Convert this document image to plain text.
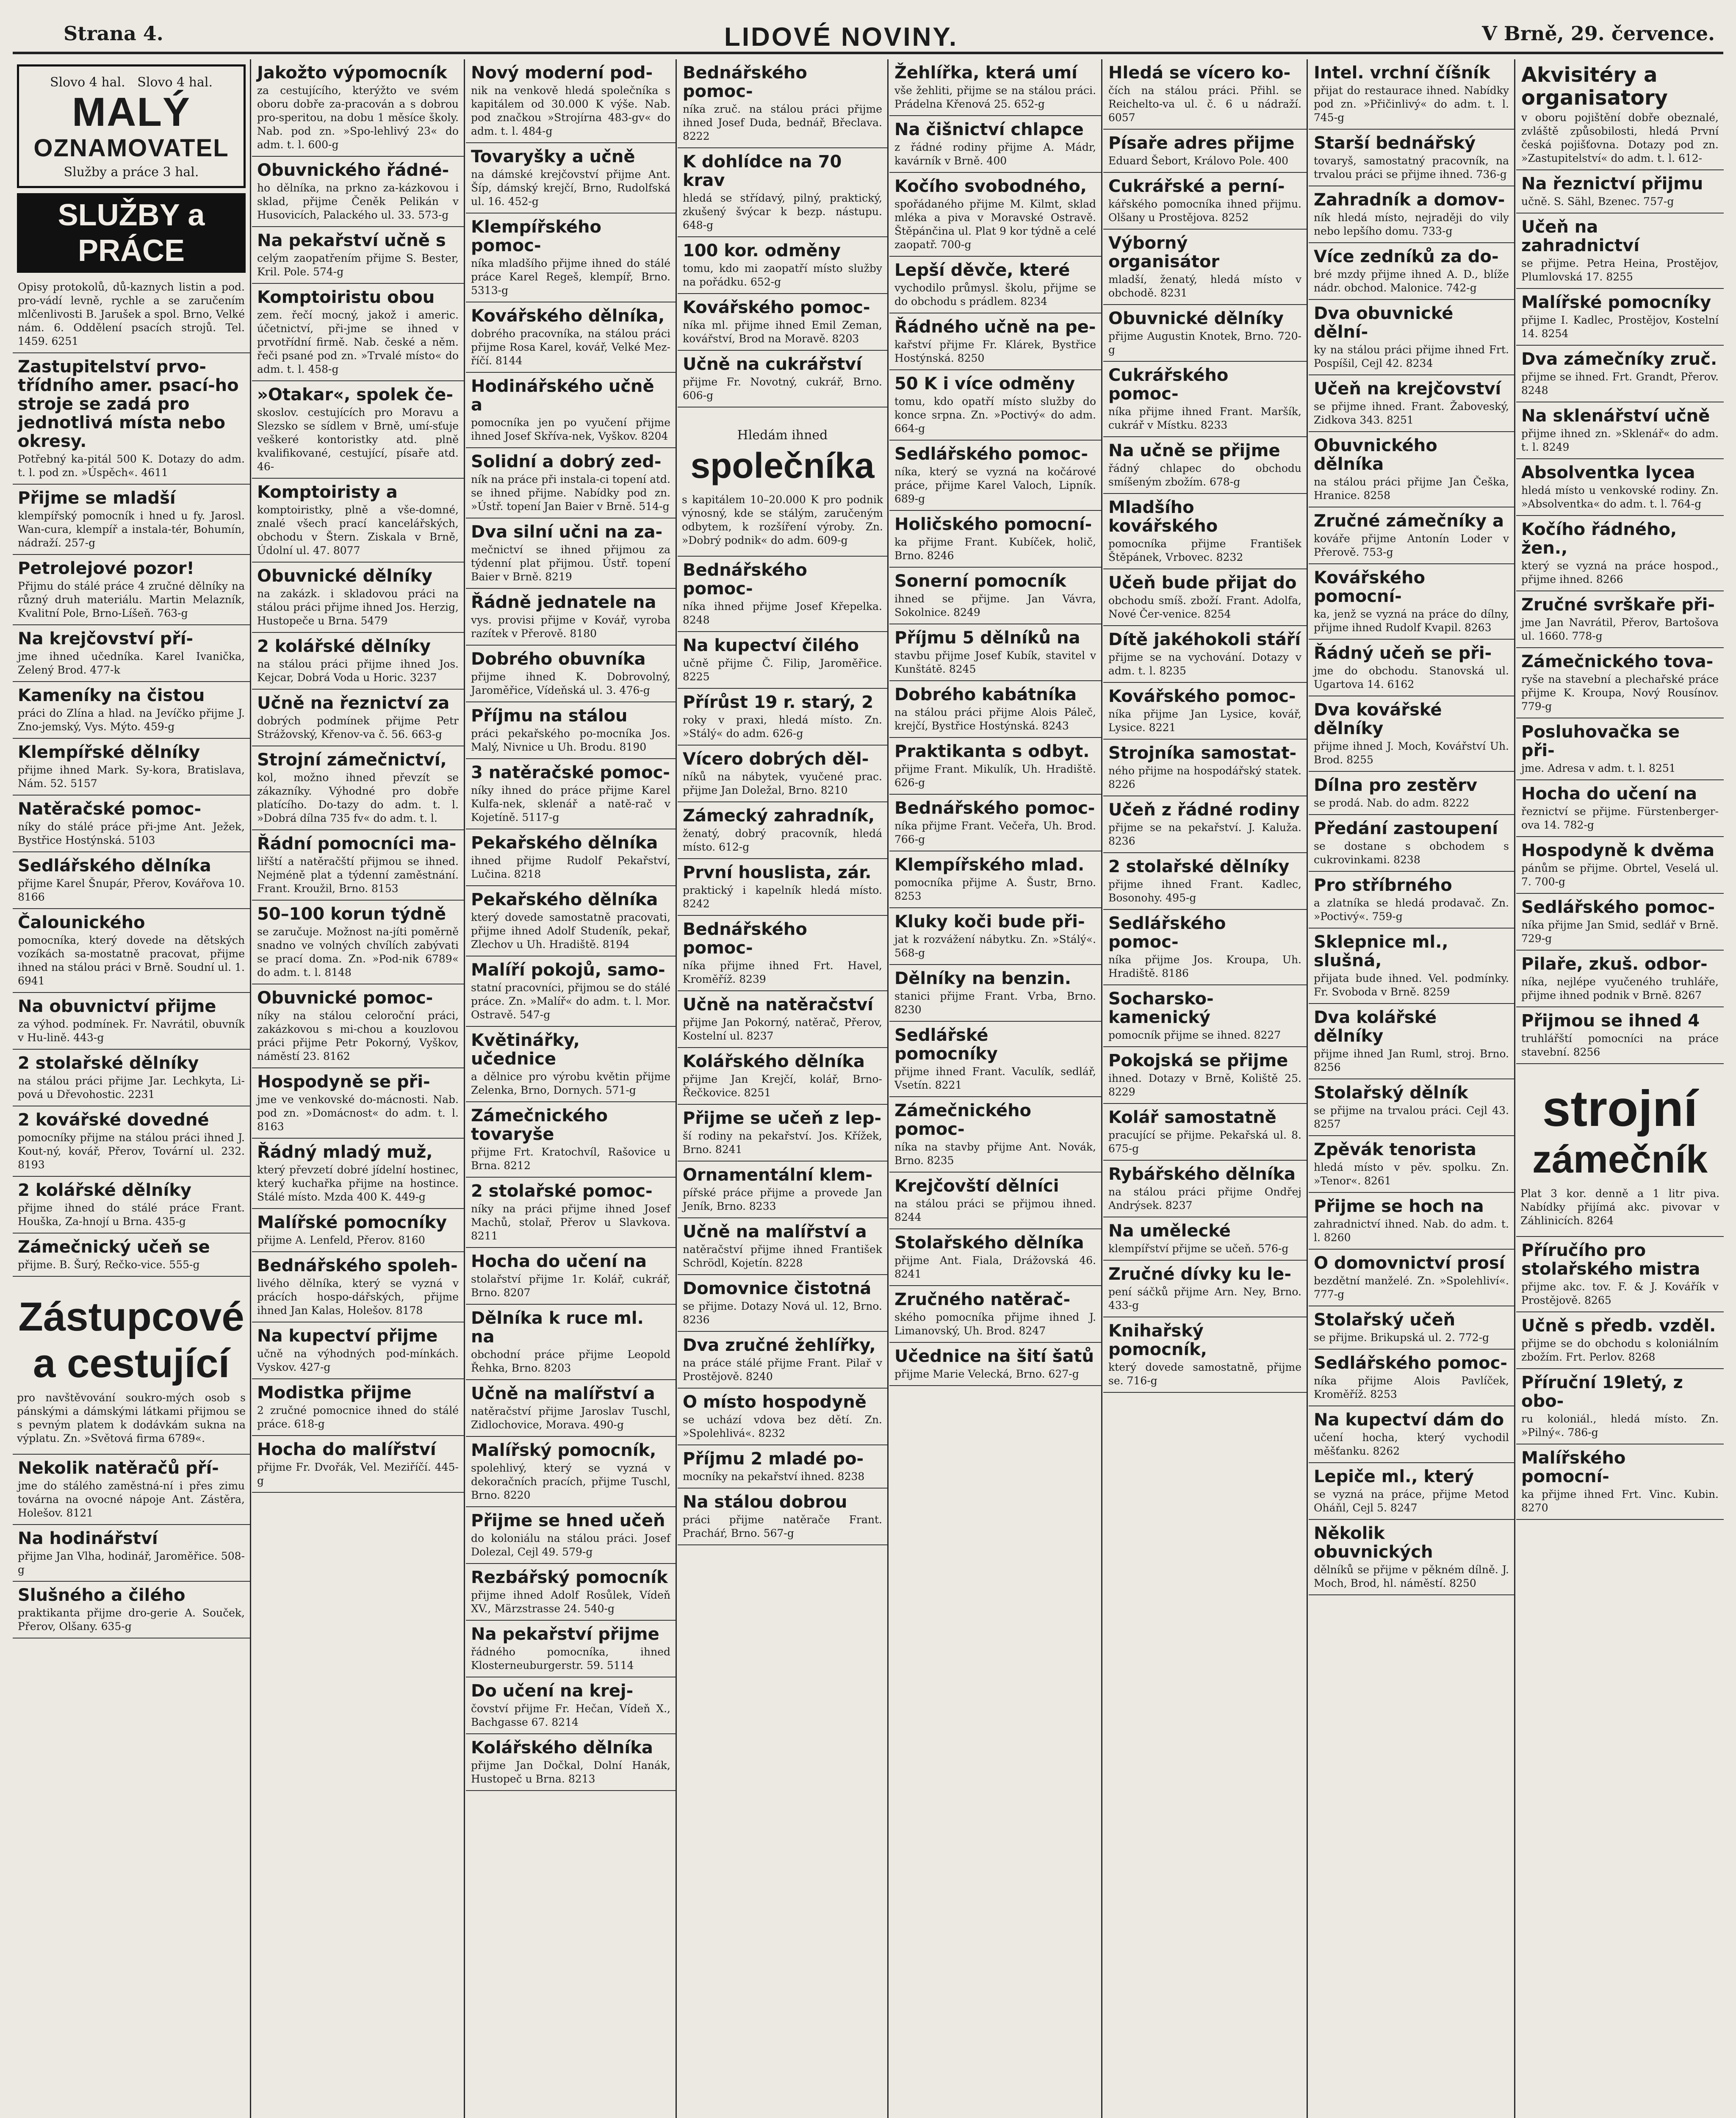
Strana 4.	LIDOVÉ NOVINY.	V Brně, 29. července.

Slovo 4 hal. Slovo 4 hal.

MALÝ
OZNAMOVATEL

Služby a práce 3 hal.

SLUŽBY a PRÁCE

Opisy protokolů, dů-kaznych listin a pod. pro-vádí levně, rychle a se zaručením mlčenlivosti B. Jarušek a spol. Brno, Velké nám. 6. Oddělení psacích strojů. Tel. 1459. 6251

Zastupitelství prvo-třídního amer. psací-ho stroje se zadá pro jednotlivá místa nebo okresy.

Potřebný ka-pitál 500 K. Dotazy do adm. t. l. pod zn. »Úspěch«. 4611

Přijme se mladší

klempířský pomocník i hned u fy. Jarosl. Wan-cura, klempíř a instala-tér, Bohumín, nádraží. 257-g

Petrolejové pozor!

Přijmu do stálé práce 4 zručné dělníky na různý druh materiálu. Martin Melazník, Kvalitní Pole, Brno-Líšeň. 763-g

Na krejčovství pří-

jme ihned učedníka. Karel Ivanička, Zelený Brod. 477-k

Kameníky na čistou

práci do Zlína a hlad. na Jevíčko přijme J. Zno-jemský, Vys. Mýto. 459-g

Klempířské dělníky

přijme ihned Mark. Sy-kora, Bratislava, Nám. 52. 5157

Natěračské pomoc-

níky do stálé práce při-jme Ant. Ježek, Bystřice Hostýnská. 5103

Sedlářského dělníka

přijme Karel Šnupár, Přerov, Kovářova 10. 8166

Čalounického

pomocníka, který dovede na dětských vozíkách sa-mostatně pracovat, přijme ihned na stálou práci v Brně. Soudní ul. 1. 6941

Na obuvnictví přijme

za výhod. podmínek. Fr. Navrátil, obuvník v Hu-lině. 443-g

2 stolařské dělníky

na stálou práci přijme Jar. Lechkyta, Li-pová u Dřevohostic. 2231

2 kovářské dovedné

pomocníky přijme na stálou práci ihned J. Kout-ný, kovář, Přerov, Tovární ul. 232. 8193

2 kolářské dělníky

přijme ihned do stálé práce Frant. Houška, Za-hnojí u Brna. 435-g

Zámečnický učeň se

přijme. B. Šurý, Rečko-vice. 555-g

Zástupcové a cestující

pro navštěvování soukro-mých osob s pánskými a dámskými látkami přijmou se s pevným platem k dodávkám sukna na výplatu. Zn. »Světová firma 6789«.

Nekolik natěračů pří-

jme do stálého zaměstná-ní i přes zimu továrna na ovocné nápoje Ant. Zástěra, Holešov. 8121

Na hodinářství

přijme Jan Vlha, hodinář, Jaroměřice. 508-g

Slušného a čilého

praktikanta přijme dro-gerie A. Souček, Přerov, Olšany. 635-g

Jakožto výpomocník

za cestujícího, kterýžto ve svém oboru dobře za-pracován a s dobrou pro-speritou, na dobu 1 měsíce školy. Nab. pod zn. »Spo-lehlivý 23« do adm. t. l. 600-g

Obuvnického řádné-

ho dělníka, na prkno za-kázkovou i sklad, přijme Čeněk Pelikán v Husovicích, Palackého ul. 33. 573-g

Na pekařství učně s

celým zaopatřením přijme S. Bester, Kril. Pole. 574-g

Komptoiristu obou

zem. řečí mocný, jakož i americ. účetnictví, při-jme se ihned v prvotřídní firmě. Nab. české a něm. řeči psané pod zn. »Trvalé místo« do adm. t. l. 458-g

»Otakar«, spolek če-

skoslov. cestujících pro Moravu a Slezsko se sídlem v Brně, umí-sťuje veškeré kontoristky atd. plně kvalifikované, cestující, písaře atd. 46-

Komptoiristy a

komptoiristky, plně a vše-domné, znalé všech prací kancelářských, obchodu v Štern. Ziskala v Brně, Údolní ul. 47. 8077

Obuvnické dělníky

na zakázk. i skladovou práci na stálou práci přijme ihned Jos. Herzig, Hustopeče u Brna. 5479

2 kolářské dělníky

na stálou práci přijme ihned Jos. Kejcar, Dobrá Voda u Horic. 3237

Učně na řeznictví za

dobrých podmínek přijme Petr Strážovský, Křenov-va č. 56. 663-g

Strojní zámečnictví,

kol, možno ihned převzít se zákazníky. Výhodné pro dobře platícího. Do-tazy do adm. t. l. »Dobrá dílna 735 fv« do adm. t. l.

Řádní pomocníci ma-

liřští a natěračští přijmou se ihned. Nejméně plat a týdenní zaměstnání. Frant. Kroužil, Brno. 8153

50–100 korun týdně

se zaručuje. Možnost na-jíti poměrně snadno ve volných chvílích zabývati se prací doma. Zn. »Pod-nik 6789« do adm. t. l. 8148

Obuvnické pomoc-

níky na stálou celoroční práci, zakázkovou s mi-chou a kouzlovou práci přijme Petr Pokorný, Vyškov, náměstí 23. 8162

Hospodyně se při-

jme ve venkovské do-mácnosti. Nab. pod zn. »Domácnost« do adm. t. l. 8163

Řádný mladý muž,

který převzetí dobré jídelní hostinec, který kuchařka přijme na hostince. Stálé místo. Mzda 400 K. 449-g

Malířské pomocníky

přijme A. Lenfeld, Přerov. 8160

Bednářského spoleh-

livého dělníka, který se vyzná v prácích hospo-dářských, přijme ihned Jan Kalas, Holešov. 8178

Na kupectví přijme

učně na výhodných pod-mínkách. Vyskov. 427-g

Modistka přijme

2 zručné pomocnice ihned do stálé práce. 618-g

Hocha do malířství

přijme Fr. Dvořák, Vel. Meziříčí. 445-g

Nový moderní pod-

nik na venkově hledá společníka s kapitálem od 30.000 K výše. Nab. pod značkou »Strojírna 483-gv« do adm. t. l. 484-g

Tovaryšky a učně

na dámské krejčovství přijme Ant. Šíp, dámský krejčí, Brno, Rudolfská ul. 16. 452-g

Klempířského pomoc-

níka mladšího přijme ihned do stálé práce Karel Regeš, klempíř, Brno. 5313-g

Kovářského dělníka,

dobrého pracovníka, na stálou práci přijme Rosa Karel, kovář, Velké Mez-říčí. 8144

Hodinářského učně a

pomocníka jen po vyučení přijme ihned Josef Skříva-nek, Vyškov. 8204

Solidní a dobrý zed-

ník na práce při instala-ci topení atd. se ihned přijme. Nabídky pod zn. »Ústř. topení Jan Baier v Brně. 514-g

Dva silní učni na za-

mečnictví se ihned přijmou za týdenní plat přijmou. Ústř. topení Baier v Brně. 8219

Řádně jednatele na

vys. provisi přijme v Kovář, vyroba razítek v Přerově. 8180

Dobrého obuvníka

přijme ihned K. Dobrovolný, Jaroměřice, Vídeňská ul. 3. 476-g

Příjmu na stálou

práci pekařského po-mocníka Jos. Malý, Nivnice u Uh. Brodu. 8190

3 natěračské pomoc-

níky ihned do práce přijme Karel Kulfa-nek, sklenář a natě-rač v Kojetíně. 5117-g

Pekařského dělníka

ihned přijme Rudolf Pekařství, Lučina. 8218

Pekařského dělníka

který dovede samostatně pracovati, přijme ihned Adolf Studeník, pekař, Zlechov u Uh. Hradiště. 8194

Malíří pokojů, samo-

statní pracovníci, přijmou se do stálé práce. Zn. »Malíř« do adm. t. l. Mor. Ostravě. 547-g

Květinářky, učednice

a dělnice pro výrobu květin přijme Zelenka, Brno, Dornych. 571-g

Zámečnického tovaryše

přijme Frt. Kratochvíl, Rašovice u Brna. 8212

2 stolařské pomoc-

níky na práci přijme ihned Josef Machů, stolař, Přerov u Slavkova. 8211

Hocha do učení na

stolařství přijme 1r. Kolář, cukrář, Brno. 8207

Dělníka k ruce ml. na

obchodní práce přijme Leopold Řehka, Brno. 8203

Učně na malířství a

natěračství přijme Jaroslav Tuschl, Zidlochovice, Morava. 490-g

Malířský pomocník,

spolehlivý, který se vyzná v dekoračních pracích, přijme Tuschl, Brno. 8220

Přijme se hned učeň

do koloniálu na stálou práci. Josef Dolezal, Cejl 49. 579-g

Rezbářský pomocník

přijme ihned Adolf Rosůlek, Vídeň XV., Märzstrasse 24. 540-g

Na pekařství přijme

řádného pomocníka, ihned Klosterneuburgerstr. 59. 5114

Do učení na krej-

čovství přijme Fr. Hečan, Vídeň X., Bachgasse 67. 8214

Kolářského dělníka

přijme Jan Dočkal, Dolní Hanák, Hustopeč u Brna. 8213

Bednářského pomoc-

níka zruč. na stálou práci přijme ihned Josef Duda, bednář, Břeclava. 8222

K dohlídce na 70 krav

hledá se střídavý, pilný, praktický, zkušený švýcar k bezp. nástupu. 648-g

100 kor. odměny

tomu, kdo mi zaopatří místo služby na pořádku. 652-g

Kovářského pomoc-

níka ml. přijme ihned Emil Zeman, kovářství, Brod na Moravě. 8203

Učně na cukrářství

přijme Fr. Novotný, cukrář, Brno. 606-g

Hledám ihned

společníka

s kapitálem 10–20.000 K pro podnik výnosný, kde se stálým, zaručeným odbytem, k rozšíření výroby. Zn. »Dobrý podnik« do adm. 609-g

Bednářského pomoc-

níka ihned přijme Josef Křepelka. 8248

Na kupectví čilého

učně přijme Č. Filip, Jaroměřice. 8225

Přírůst 19 r. starý, 2

roky v praxi, hledá místo. Zn. »Stálý« do adm. 626-g

Vícero dobrých děl-

níků na nábytek, vyučené prac. přijme Jan Doležal, Brno. 8210

Zámecký zahradník,

ženatý, dobrý pracovník, hledá místo. 612-g

První houslista, zár.

praktický i kapelník hledá místo. 8242

Bednářského pomoc-

níka přijme ihned Frt. Havel, Kroměříž. 8239

Učně na natěračství

přijme Jan Pokorný, natěrač, Přerov, Kostelní ul. 8237

Kolářského dělníka

přijme Jan Krejčí, kolář, Brno-Řečkovice. 8251

Přijme se učeň z lep-

ší rodiny na pekařství. Jos. Křížek, Brno. 8241

Ornamentální klem-

pířské práce přijme a provede Jan Jeník, Brno. 8233

Učně na malířství a

natěračství přijme ihned František Schrödl, Kojetín. 8228

Domovnice čistotná

se přijme. Dotazy Nová ul. 12, Brno. 8236

Dva zručné žehlířky,

na práce stálé přijme Frant. Pilař v Prostějově. 8240

O místo hospodyně

se uchází vdova bez dětí. Zn. »Spolehlivá«. 8232

Příjmu 2 mladé po-

mocníky na pekařství ihned. 8238

Na stálou dobrou

práci přijme natěrače Frant. Pracháŕ, Brno. 567-g

Žehlířka, která umí

vše žehliti, přijme se na stálou práci. Prádelna Křenová 25. 652-g

Na čišnictví chlapce

z řádné rodiny přijme A. Mádr, kavárník v Brně. 400

Kočího svobodného,

spořádaného přijme M. Kilmt, sklad mléka a piva v Moravské Ostravě. Štěpánčina ul. Plat 9 kor týdně a celé zaopatř. 700-g

Lepší děvče, které

vychodilo průmysl. školu, přijme se do obchodu s prádlem. 8234

Řádného učně na pe-

kařství přijme Fr. Klárek, Bystřice Hostýnská. 8250

50 K i více odměny

tomu, kdo opatří místo služby do konce srpna. Zn. »Poctivý« do adm. 664-g

Sedlářského pomoc-

níka, který se vyzná na kočárové práce, přijme Karel Valoch, Lipník. 689-g

Holičského pomocní-

ka přijme Frant. Kubíček, holič, Brno. 8246

Sonerní pomocník

ihned se přijme. Jan Vávra, Sokolnice. 8249

Příjmu 5 dělníků na

stavbu přijme Josef Kubík, stavitel v Kunštátě. 8245

Dobrého kabátníka

na stálou práci přijme Alois Páleč, krejčí, Bystřice Hostýnská. 8243

Praktikanta s odbyt.

přijme Frant. Mikulík, Uh. Hradiště. 626-g

Bednářského pomoc-

níka přijme Frant. Večeřa, Uh. Brod. 766-g

Klempířského mlad.

pomocníka přijme A. Šustr, Brno. 8253

Kluky koči bude při-

jat k rozvážení nábytku. Zn. »Stálý«. 568-g

Dělníky na benzin.

stanici přijme Frant. Vrba, Brno. 8230

Sedlářské pomocníky

přijme ihned Frant. Vaculík, sedlář, Vsetín. 8221

Zámečnického pomoc-

níka na stavby přijme Ant. Novák, Brno. 8235

Krejčovští dělníci

na stálou práci se přijmou ihned. 8244

Stolařského dělníka

přijme Ant. Fiala, Drážovská 46. 8241

Zručného natěrač-

ského pomocníka přijme ihned J. Limanovský, Uh. Brod. 8247

Učednice na šití šatů

přijme Marie Velecká, Brno. 627-g

Hledá se vícero ko-

čích na stálou práci. Přihl. se Reichelto-va ul. č. 6 u nádraží. 6057

Písaře adres přijme

Eduard Šebort, Královo Pole. 400

Cukrářské a perní-

kářského pomocníka ihned přijmu. Olšany u Prostějova. 8252

Výborný organisátor

mladší, ženatý, hledá místo v obchodě. 8231

Obuvnické dělníky

přijme Augustin Knotek, Brno. 720-g

Cukrářského pomoc-

níka přijme ihned Frant. Maršík, cukrář v Místku. 8233

Na učně se přijme

řádný chlapec do obchodu smíšeným zbožím. 678-g

Mladšího kovářského

pomocníka přijme František Štěpánek, Vrbovec. 8232

Učeň bude přijat do

obchodu smíš. zboží. Frant. Adolfa, Nové Čer-venice. 8254

Dítě jakéhokoli stáří

přijme se na vychování. Dotazy v adm. t. l. 8235

Kovářského pomoc-

níka přijme Jan Lysice, kovář, Lysice. 8221

Strojníka samostat-

ného přijme na hospodářský statek. 8226

Učeň z řádné rodiny

přijme se na pekařství. J. Kaluža. 8236

2 stolařské dělníky

přijme ihned Frant. Kadlec, Bosonohy. 495-g

Sedlářského pomoc-

níka přijme Jos. Kroupa, Uh. Hradiště. 8186

Socharsko-kamenický

pomocník přijme se ihned. 8227

Pokojská se přijme

ihned. Dotazy v Brně, Koliště 25. 8229

Kolář samostatně

pracující se přijme. Pekařská ul. 8. 675-g

Rybářského dělníka

na stálou práci přijme Ondřej Andrýsek. 8237

Na umělecké

klempířství přijme se učeň. 576-g

Zručné dívky ku le-

pení sáčků přijme Arn. Ney, Brno. 433-g

Knihařský pomocník,

který dovede samostatně, přijme se. 716-g

Intel. vrchní číšník

přijat do restaurace ihned. Nabídky pod zn. »Přičinlivý« do adm. t. l. 745-g

Starší bednářský

tovaryš, samostatný pracovník, na trvalou práci se přijme ihned. 736-g

Zahradník a domov-

ník hledá místo, nejraději do vily nebo lepšího domu. 733-g

Více zedníků za do-

bré mzdy přijme ihned A. D., blíže nádr. obchod. Malonice. 742-g

Dva obuvnické dělní-

ky na stálou práci přijme ihned Frt. Pospíšil, Cejl 42. 8234

Učeň na krejčovství

se přijme ihned. Frant. Žaboveský, Zidkova 343. 8251

Obuvnického dělníka

na stálou práci přijme Jan Češka, Hranice. 8258

Zručné zámečníky a

kováře přijme Antonín Loder v Přerově. 753-g

Kovářského pomocní-

ka, jenž se vyzná na práce do dílny, přijme ihned Rudolf Kvapil. 8263

Řádný učeň se při-

jme do obchodu. Stanovská ul. Ugartova 14. 6162

Dva kovářské dělníky

přijme ihned J. Moch, Kovářství Uh. Brod. 8255

Dílna pro zestěrv

se prodá. Nab. do adm. 8222

Předání zastoupení

se dostane s obchodem s cukrovinkami. 8238

Pro stříbrného

a zlatníka se hledá prodavač. Zn. »Poctivý«. 759-g

Sklepnice ml., slušná,

přijata bude ihned. Vel. podmínky. Fr. Svoboda v Brně. 8259

Dva kolářské dělníky

přijme ihned Jan Ruml, stroj. Brno. 8256

Stolařský dělník

se přijme na trvalou práci. Cejl 43. 8257

Zpěvák tenorista

hledá místo v pěv. spolku. Zn. »Tenor«. 8261

Přijme se hoch na

zahradnictví ihned. Nab. do adm. t. l. 8260

O domovnictví prosí

bezdětní manželé. Zn. »Spolehliví«. 777-g

Stolařský učeň

se přijme. Brikupská ul. 2. 772-g

Sedlářského pomoc-

níka přijme Alois Pavlíček, Kroměříž. 8253

Na kupectví dám do

učení hocha, který vychodil měšťanku. 8262

Lepiče ml., který

se vyzná na práce, přijme Metod Oháňl, Cejl 5. 8247

Několik obuvnických

dělníků se přijme v pěkném dílně. J. Moch, Brod, hl. náměstí. 8250

Akvisitéry a organisatory

v oboru pojištění dobře obeznalé, zvláště způsobilosti, hledá První česká pojišťovna. Dotazy pod zn. »Zastupitelství« do adm. t. l. 612-

Na řeznictví přijmu

učně. S. Sähl, Bzenec. 757-g

Učeň na zahradnictví

se přijme. Petra Heina, Prostějov, Plumlovská 17. 8255

Malířské pomocníky

přijme I. Kadlec, Prostějov, Kostelní 14. 8254

Dva zámečníky zruč.

přijme se ihned. Frt. Grandt, Přerov. 8248

Na sklenářství učně

přijme ihned zn. »Sklenář« do adm. t. l. 8249

Absolventka lycea

hledá místo u venkovské rodiny. Zn. »Absolventka« do adm. t. l. 764-g

Kočího řádného, žen.,

který se vyzná na práce hospod., přijme ihned. 8266

Zručné svrškaře při-

jme Jan Navrátil, Přerov, Bartošova ul. 1660. 778-g

Zámečnického tova-

ryše na stavební a plechařské práce přijme K. Kroupa, Nový Rousínov. 779-g

Posluhovačka se při-

jme. Adresa v adm. t. l. 8251

Hocha do učení na

řeznictví se přijme. Fürstenberger-ova 14. 782-g

Hospodyně k dvěma

pánům se přijme. Obrtel, Veselá ul. 7. 700-g

Sedlářského pomoc-

níka přijme Jan Smid, sedlář v Brně. 729-g

Pilaře, zkuš. odbor-

níka, nejlépe vyučeného truhláře, přijme ihned podnik v Brně. 8267

Přijmou se ihned 4

truhlářští pomocníci na práce stavební. 8256

strojní
zámečník

Plat 3 kor. denně a 1 litr piva. Nabídky přijímá akc. pivovar v Záhlinicích. 8264

Příručího pro stolařského mistra

přijme akc. tov. F. & J. Kovářík v Prostějově. 8265

Učně s předb. vzděl.

přijme se do obchodu s koloniálním zbožím. Frt. Perlov. 8268

Příruční 19letý, z obo-

ru koloniál., hledá místo. Zn. »Pilný«. 786-g

Malířského pomocní-

ka přijme ihned Frt. Vinc. Kubin. 8270
